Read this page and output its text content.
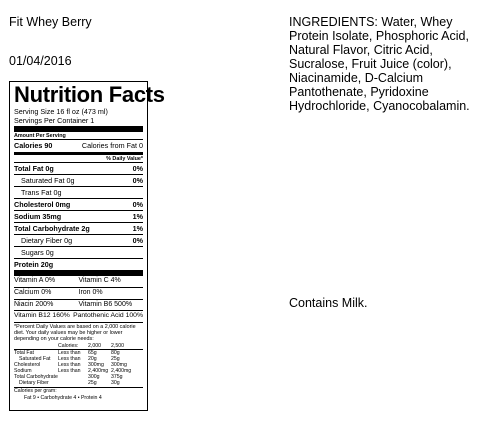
Fit Whey Berry
01/04/2016
INGREDIENTS: Water, Whey Protein Isolate, Phosphoric Acid, Natural Flavor, Citric Acid, Sucralose, Fruit Juice (color), Niacinamide, D-Calcium Pantothenate, Pyridoxine Hydrochloride, Cyanocobalamin.
Contains Milk.
Nutrition Facts
Serving Size 16 fl oz (473 ml)
Servings Per Container 1
Amount Per Serving
Calories 90	Calories from Fat 0
% Daily Value*
Total Fat 0g	0%
Saturated Fat 0g	0%
Trans Fat 0g
Cholesterol 0mg	0%
Sodium 35mg	1%
Total Carbohydrate 2g	1%
Dietary Fiber 0g	0%
Sugars 0g
Protein 20g
Vitamin A 0%	Vitamin C 4%
Calcium 0%	Iron 0%
Niacin 200%	Vitamin B6 500%
Vitamin B12 160% Pantothenic Acid 100%
*Percent Daily Values are based on a 2,000 calorie diet. Your daily values may be higher or lower depending on your calorie needs:
Calories:	2,000	2,500
Total Fat	Less than	65g	80g
Saturated Fat	Less than	20g	25g
Cholesterol	Less than	300mg	300mg
Sodium	Less than	2,400mg 2,400mg
Total Carbohydrate	300g	375g
Dietary Fiber	25g	30g
Calories per gram:
Fat 9 • Carbohydrate 4 • Protein 4
